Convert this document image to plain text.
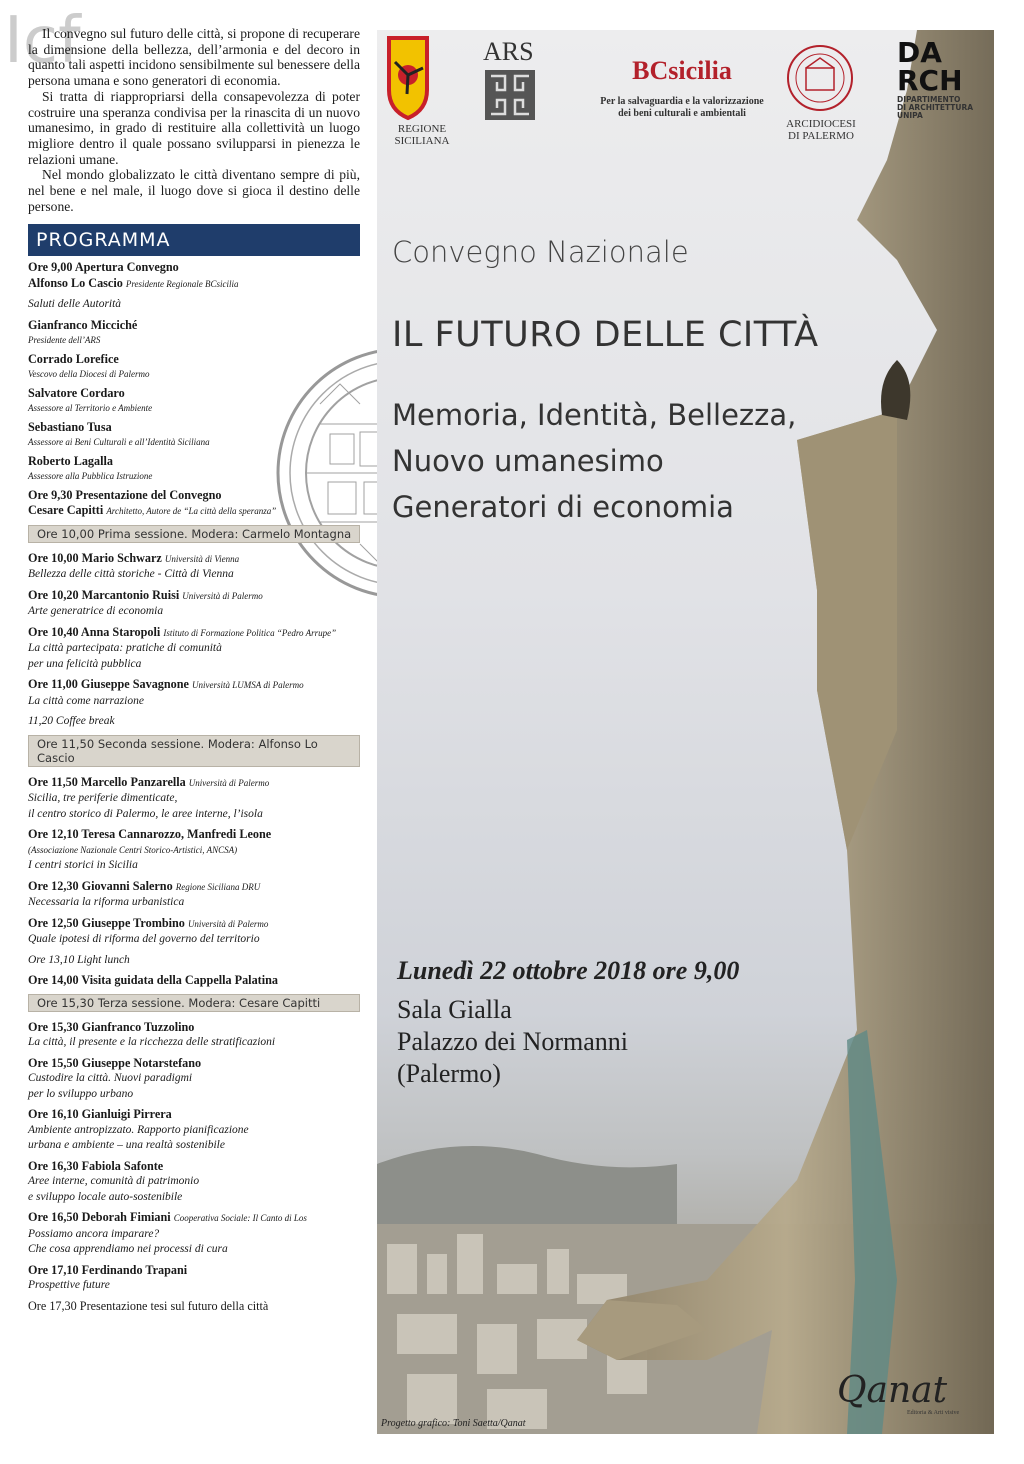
Icf

Il convegno sul futuro delle città, si propone di recuperare la dimensione della bellezza, dell’armonia e del decoro in quanto tali aspetti incidono sensibilmente sul benessere della persona umana e sono generatori di economia.

Si tratta di riappropriarsi della consapevolezza di poter costruire una speranza condivisa per la rinascita di un nuovo umanesimo, in grado di restituire alla collettività un luogo migliore dentro il quale possano svilupparsi in pienezza le relazioni umane.

Nel mondo globalizzato le città diventano sempre di più, nel bene e nel male, il luogo dove si gioca il destino delle persone.

PROGRAMMA
Ore 9,00 Apertura Convegno
Alfonso Lo Cascio Presidente Regionale BCsicilia
Saluti delle Autorità
Gianfranco Micciché
Presidente dell’ARS
Corrado Lorefice
Vescovo della Diocesi di Palermo
Salvatore Cordaro
Assessore al Territorio e Ambiente
Sebastiano Tusa
Assessore ai Beni Culturali e all’Identità Siciliana
Roberto Lagalla
Assessore alla Pubblica Istruzione
Ore 9,30 Presentazione del Convegno
Cesare Capitti Architetto, Autore de “La città della speranza”
Ore 10,00 Prima sessione. Modera: Carmelo Montagna
Ore 10,00 Mario Schwarz Università di Vienna
Bellezza delle città storiche - Città di Vienna
Ore 10,20 Marcantonio Ruisi Università di Palermo
Arte generatrice di economia
Ore 10,40 Anna Staropoli Istituto di Formazione Politica “Pedro Arrupe”
La città partecipata: pratiche di comunità
per una felicità pubblica
Ore 11,00 Giuseppe Savagnone Università LUMSA di Palermo
La città come narrazione
11,20 Coffee break
Ore 11,50 Seconda sessione. Modera: Alfonso Lo Cascio
Ore 11,50 Marcello Panzarella Università di Palermo
Sicilia, tre periferie dimenticate,
il centro storico di Palermo, le aree interne, l’isola
Ore 12,10 Teresa Cannarozzo, Manfredi Leone
(Associazione Nazionale Centri Storico-Artistici, ANCSA)
I centri storici in Sicilia
Ore 12,30 Giovanni Salerno Regione Siciliana DRU
Necessaria la riforma urbanistica
Ore 12,50 Giuseppe Trombino Università di Palermo
Quale ipotesi di riforma del governo del territorio
Ore 13,10 Light lunch
Ore 14,00 Visita guidata della Cappella Palatina
Ore 15,30 Terza sessione. Modera: Cesare Capitti
Ore 15,30 Gianfranco Tuzzolino
La città, il presente e la ricchezza delle stratificazioni
Ore 15,50 Giuseppe Notarstefano
Custodire la città. Nuovi paradigmi
per lo sviluppo urbano
Ore 16,10 Gianluigi Pirrera
Ambiente antropizzato. Rapporto pianificazione
urbana e ambiente – una realtà sostenibile
Ore 16,30 Fabiola Safonte
Aree interne, comunità di patrimonio
e sviluppo locale auto-sostenibile
Ore 16,50 Deborah Fimiani Cooperativa Sociale: Il Canto di Los
Possiamo ancora imparare?
Che cosa apprendiamo nei processi di cura
Ore 17,10 Ferdinando Trapani
Prospettive future
Ore 17,30 Presentazione tesi sul futuro della città
ARS	DA
RCH
REGIONE
SICILIANA
BCsicilia
Per la salvaguardia e la valorizzazione
dei beni culturali e ambientali
ARCIDIOCESI
DI PALERMO
DIPARTIMENTO
DI ARCHITETTURA
UNIPA
Convegno Nazionale
IL FUTURO DELLE CITTÀ
Memoria, Identità, Bellezza,
Nuovo umanesimo
Generatori di economia
Lunedì 22 ottobre 2018 ore 9,00
Sala Gialla
Palazzo dei Normanni
(Palermo)
Qanat
Editoria & Arti visive
Progetto grafico: Toni Saetta/Qanat
